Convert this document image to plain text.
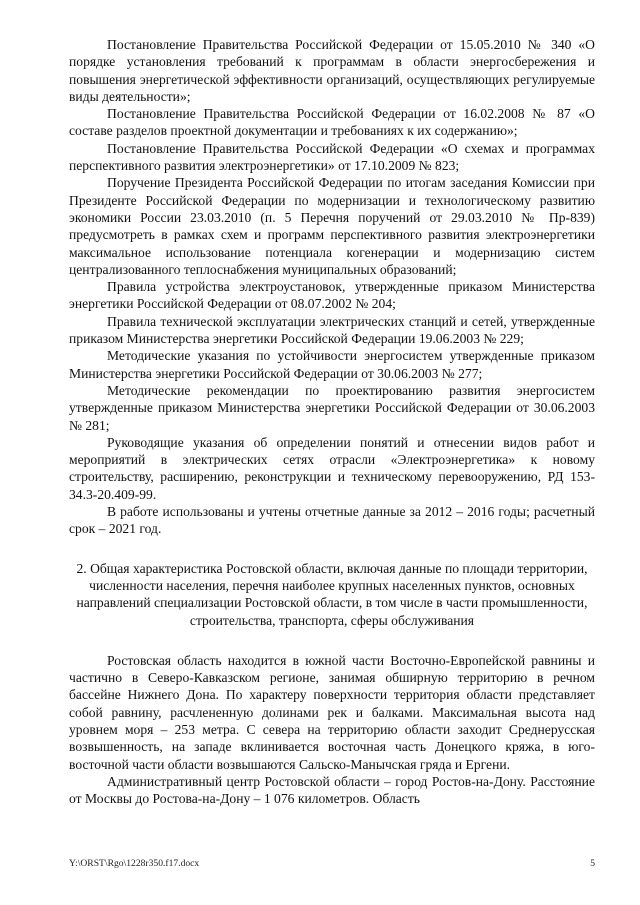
Постановление Правительства Российской Федерации от 15.05.2010 № 340 «О порядке установления требований к программам в области энергосбережения и повышения энергетической эффективности организаций, осуществляющих регулируемые виды деятельности»;

Постановление Правительства Российской Федерации от 16.02.2008 № 87 «О составе разделов проектной документации и требованиях к их содержанию»;

Постановление Правительства Российской Федерации «О схемах и программах перспективного развития электроэнергетики» от 17.10.2009 № 823;

Поручение Президента Российской Федерации по итогам заседания Комиссии при Президенте Российской Федерации по модернизации и технологическому развитию экономики России 23.03.2010 (п. 5 Перечня поручений от 29.03.2010 № Пр-839) предусмотреть в рамках схем и программ перспективного развития электроэнергетики максимальное использование потенциала когенерации и модернизацию систем централизованного теплоснабжения муниципальных образований;

Правила устройства электроустановок, утвержденные приказом Министерства энергетики Российской Федерации от 08.07.2002 № 204;

Правила технической эксплуатации электрических станций и сетей, утвержденные приказом Министерства энергетики Российской Федерации 19.06.2003 № 229;

Методические указания по устойчивости энергосистем утвержденные приказом Министерства энергетики Российской Федерации от 30.06.2003 № 277;

Методические рекомендации по проектированию развития энергосистем утвержденные приказом Министерства энергетики Российской Федерации от 30.06.2003 № 281;

Руководящие указания об определении понятий и отнесении видов работ и мероприятий в электрических сетях отрасли «Электроэнергетика» к новому строительству, расширению, реконструкции и техническому перевооружению, РД 153-34.3-20.409-99.

В работе использованы и учтены отчетные данные за 2012 – 2016 годы; расчетный срок – 2021 год.

2. Общая характеристика Ростовской области, включая данные по площади территории, численности населения, перечня наиболее крупных населенных пунктов, основных направлений специализации Ростовской области, в том числе в части промышленности, строительства, транспорта, сферы обслуживания

Ростовская область находится в южной части Восточно-Европейской равнины и частично в Северо-Кавказском регионе, занимая обширную территорию в речном бассейне Нижнего Дона. По характеру поверхности территория области представляет собой равнину, расчлененную долинами рек и балками. Максимальная высота над уровнем моря – 253 метра. С севера на территорию области заходит Среднерусская возвышенность, на западе вклинивается восточная часть Донецкого кряжа, в юго-восточной части области возвышаются Сальско-Манычская гряда и Ергени.

Административный центр Ростовской области – город Ростов-на-Дону. Расстояние от Москвы до Ростова-на-Дону – 1 076 километров. Область

Y:\ORST\Rgo\1228r350.f17.docx	5
